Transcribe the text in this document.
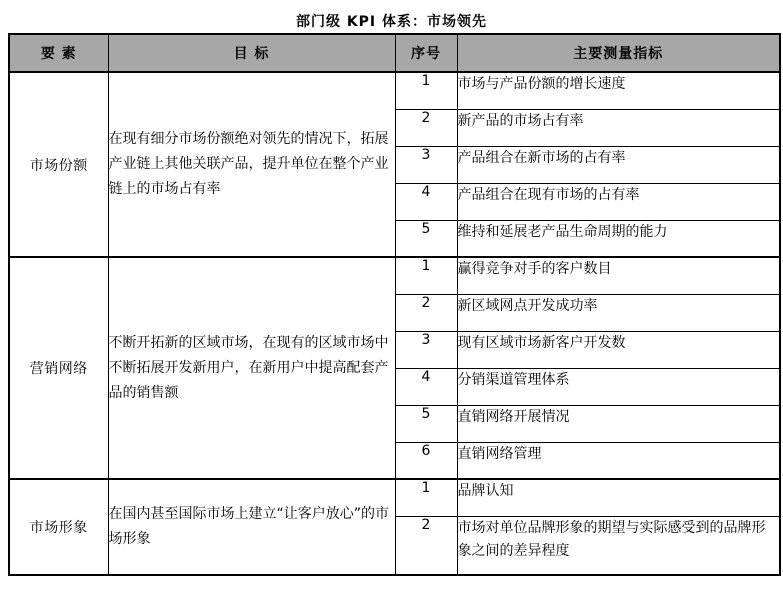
部门级 KPI 体系：市场领先
要 素	目 标	序号	主要测量指标
市场份额	在现有细分市场份额绝对领先的情况下，拓展产业链上其他关联产品，提升单位在整个产业链上的市场占有率	1	市场与产品份额的增长速度
		2	新产品的市场占有率
		3	产品组合在新市场的占有率
		4	产品组合在现有市场的占有率
		5	维持和延展老产品生命周期的能力
营销网络	不断开拓新的区域市场，在现有的区域市场中不断拓展开发新用户，在新用户中提高配套产品的销售额	1	赢得竞争对手的客户数目
		2	新区域网点开发成功率
		3	现有区域市场新客户开发数
		4	分销渠道管理体系
		5	直销网络开展情况
		6	直销网络管理
市场形象	在国内甚至国际市场上建立“让客户放心”的市场形象	1	品牌认知
		2	市场对单位品牌形象的期望与实际感受到的品牌形象之间的差异程度
